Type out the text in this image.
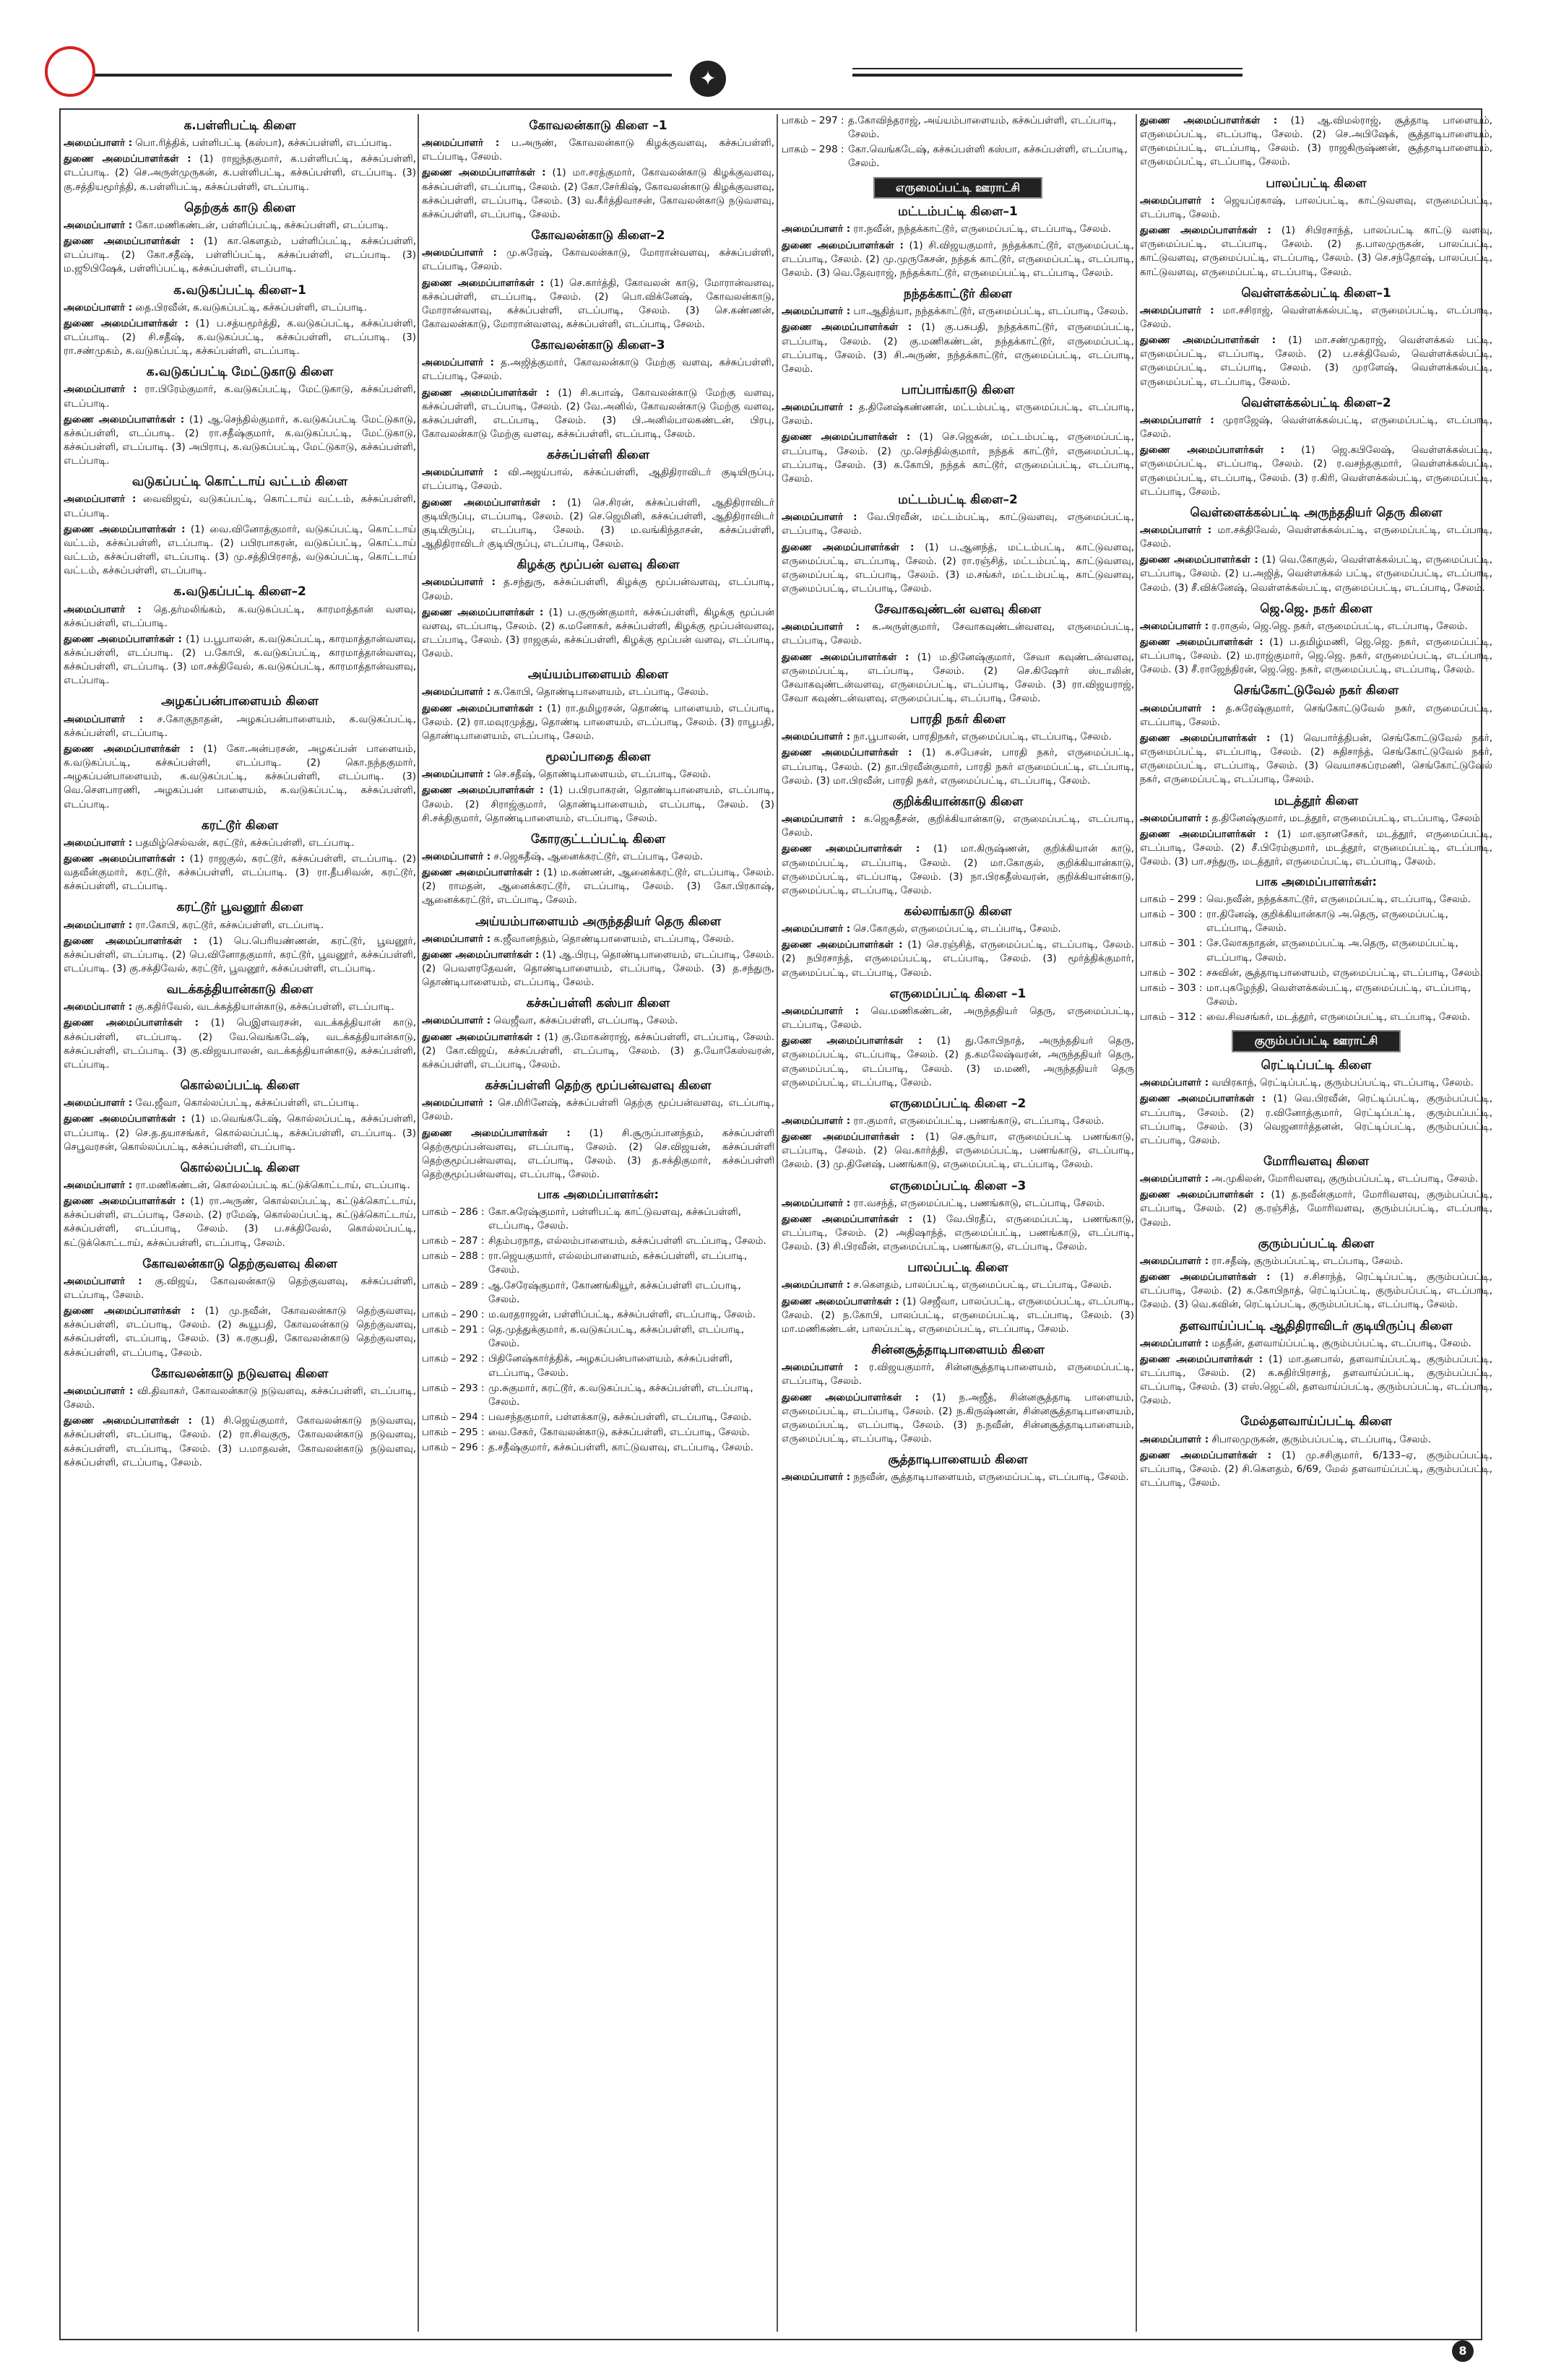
✦
க.பள்ளிபட்டி கிளை

அமைப்பாளர் : பொ.ரித்திக், பள்ளிபட்டி (கஸ்பா), கச்சுப்பள்ளி, எடப்பாடி.

துணை அமைப்பாளர்கள் : (1) ராஜந்தகுமார், க.பள்ளிபட்டி, கச்சுப்பள்ளி, எடப்பாடி. (2) செ.அருள்முருகன், க.பள்ளிபட்டி, கச்சுப்பள்ளி, எடப்பாடி. (3) கு.சத்தியமூர்த்தி, க.பள்ளிபட்டி, கச்சுப்பள்ளி, எடப்பாடி.

தெற்குக் காடு கிளை

அமைப்பாளர் : கோ.மணிகண்டன், பள்ளிப்பட்டி, கச்சுப்பள்ளி, எடப்பாடி.

துணை அமைப்பாளர்கள் : (1) கா.கௌதம், பள்ளிப்பட்டி, கச்சுப்பள்ளி, எடப்பாடி. (2) கோ.சதீஷ், பள்ளிப்பட்டி, கச்சுப்பள்ளி, எடப்பாடி. (3) ம.ஜூபிஷேக், பள்ளிப்பட்டி, கச்சுப்பள்ளி, எடப்பாடி.

க.வடுகப்பட்டி கிளை–1

அமைப்பாளர் : தை.பிரவீன், க.வடுகப்பட்டி, கச்சுப்பள்ளி, எடப்பாடி.

துணை அமைப்பாளர்கள் : (1) ப.சத்யமூர்த்தி, க.வடுகப்பட்டி, கச்சுப்பள்ளி, எடப்பாடி. (2) சி.சதீஷ், க.வடுகப்பட்டி, கச்சுப்பள்ளி, எடப்பாடி. (3) ரா.சண்முகம், க.வடுகப்பட்டி, கச்சுப்பள்ளி, எடப்பாடி.

க.வடுகப்பட்டி மேட்டுகாடு கிளை

அமைப்பாளர் : ரா.பிரேம்குமார், க.வடுகப்பட்டி, மேட்டுகாடு, கச்சுப்பள்ளி, எடப்பாடி.

துணை அமைப்பாளர்கள் : (1) ஆ.செந்தில்குமார், க.வடுகப்பட்டி மேட்டுகாடு, கச்சுப்பள்ளி, எடப்பாடி. (2) ரா.சதீஷ்குமார், க.வடுகப்பட்டி, மேட்டுகாடு, கச்சுப்பள்ளி, எடப்பாடி. (3) அபிராபு, க.வடுகப்பட்டி, மேட்டுகாடு, கச்சுப்பள்ளி, எடப்பாடி.

வடுகப்பட்டி கொட்டாய் வட்டம் கிளை

அமைப்பாளர் : வைவிஜய், வடுகப்பட்டி, கொட்டாய் வட்டம், கச்சுப்பள்ளி, எடப்பாடி.

துணை அமைப்பாளர்கள் : (1) வை.வினோத்குமார், வடுகப்பட்டி, கொட்டாய் வட்டம், கச்சுப்பள்ளி, எடப்பாடி. (2) பபிரபாகரன், வடுகப்பட்டி, கொட்டாய் வட்டம், கச்சுப்பள்ளி, எடப்பாடி. (3) மு.சத்திபிரசாத், வடுகப்பட்டி, கொட்டாய் வட்டம், கச்சுப்பள்ளி, எடப்பாடி.

க.வடுகப்பட்டி கிளை–2

அமைப்பாளர் : தெ.தர்மலிங்கம், க.வடுகப்பட்டி, காரமாத்தான் வளவு, கச்சுப்பள்ளி, எடப்பாடி.

துணை அமைப்பாளர்கள் : (1) ப.பூபாலன், க.வடுகப்பட்டி, காரமாத்தான்வளவு, கச்சுப்பள்ளி, எடப்பாடி. (2) ப.கோபி, க.வடுகப்பட்டி, காரமாத்தான்வளவு, கச்சுப்பள்ளி, எடப்பாடி. (3) மா.சக்திவேல், க.வடுகப்பட்டி, காரமாத்தான்வளவு, எடப்பாடி.

அழகப்பன்பாளையம் கிளை

அமைப்பாளர் : ச.கோகுநாதன், அழகப்பன்பாளையம், க.வடுகப்பட்டி, கச்சுப்பள்ளி, எடப்பாடி.

துணை அமைப்பாளர்கள் : (1) கோ.அன்பரசன், அழகப்பன் பாளையம், க.வடுகப்பட்டி, கச்சுப்பள்ளி, எடப்பாடி. (2) கொ.நந்தகுமார், அழகப்பன்பாளையம், க.வடுகப்பட்டி, கச்சுப்பள்ளி, எடப்பாடி. (3) வெ.சௌபாரணி, அழகப்பன் பாளையம், க.வடுகப்பட்டி, கச்சுப்பள்ளி, எடப்பாடி.

கரட்டூர் கிளை

அமைப்பாளர் : பதமிழ்செல்வன், கரட்டூர், கச்சுப்பள்ளி, எடப்பாடி.

துணை அமைப்பாளர்கள் : (1) ராஜகுல், கரட்டூர், கச்சுப்பள்ளி, எடப்பாடி. (2) வதவீன்குமார், கரட்டூர், கச்சுப்பள்ளி, எடப்பாடி. (3) ரா.தீபசிவன், கரட்டூர், கச்சுப்பள்ளி, எடப்பாடி.

கரட்டூர் பூவனூர் கிளை

அமைப்பாளர் : ரா.கோபி, கரட்டூர், கச்சுப்பள்ளி, எடப்பாடி.

துணை அமைப்பாளர்கள் : (1) பெ.பெரியண்ணன், கரட்டூர், பூவனூர், கச்சுப்பள்ளி, எடப்பாடி. (2) பெ.வினோதகுமார், கரட்டூர், பூவனூர், கச்சுப்பள்ளி, எடப்பாடி. (3) கு.சக்திவேல், கரட்டூர், பூவனூர், கச்சுப்பள்ளி, எடப்பாடி.

வடக்கத்தியான்காடு கிளை

அமைப்பாளர் : கு.கதிர்வேல், வடக்கத்தியான்காடு, கச்சுப்பள்ளி, எடப்பாடி.

துணை அமைப்பாளர்கள் : (1) பெஇளவரசன், வடக்கத்தியான் காடு, கச்சுப்பள்ளி, எடப்பாடி. (2) வே.வெங்கடேஷ், வடக்கத்தியான்காடு, கச்சுப்பள்ளி, எடப்பாடி. (3) கு.விஜயபாலன், வடக்கத்தியான்காடு, கச்சுப்பள்ளி, எடப்பாடி.

கொல்லப்பட்டி கிளை

அமைப்பாளர் : வே.ஜீவா, கொல்லப்பட்டி, கச்சுப்பள்ளி, எடப்பாடி.

துணை அமைப்பாளர்கள் : (1) ம.வெங்கடேஷ், கொல்லப்பட்டி, கச்சுப்பள்ளி, எடப்பாடி. (2) செ.த.தயாசங்கர், கொல்லப்பட்டி, கச்சுப்பள்ளி, எடப்பாடி. (3) செபூவரசன், கொல்லப்பட்டி, கச்சுப்பள்ளி, எடப்பாடி.

கொல்லப்பட்டி கிளை

அமைப்பாளர் : ரா.மணிகண்டன், கொல்லப்பட்டி கட்டுக்கொட்டாய், எடப்பாடி.

துணை அமைப்பாளர்கள் : (1) ரா.அருண், கொல்லப்பட்டி, கட்டுக்கொட்டாய், கச்சுப்பள்ளி, எடப்பாடி, சேலம். (2) ரமேஷ், கொல்லப்பட்டி, கட்டுக்கொட்டாய், கச்சுப்பள்ளி, எடப்பாடி, சேலம். (3) ப.சக்திவேல், கொல்லப்பட்டி, கட்டுக்கொட்டாய், கச்சுப்பள்ளி, எடப்பாடி, சேலம்.

கோவலன்காடு தெற்குவளவு கிளை

அமைப்பாளர் : கு.விஜய், கோவலன்காடு தெற்குவளவு, கச்சுப்பள்ளி, எடப்பாடி, சேலம்.

துணை அமைப்பாளர்கள் : (1) மு.நவீன், கோவலன்காடு தெற்குவளவு, கச்சுப்பள்ளி, எடப்பாடி, சேலம். (2) கூயூபதி, கோவலன்காடு தெற்குவளவு, கச்சுப்பள்ளி, எடப்பாடி, சேலம். (3) க.ரகுபதி, கோவலன்காடு தெற்குவளவு, கச்சுப்பள்ளி, எடப்பாடி, சேலம்.

கோவலன்காடு நடுவளவு கிளை

அமைப்பாளர் : வி.திவாகர், கோவலன்காடு நடுவளவு, கச்சுப்பள்ளி, எடப்பாடி, சேலம்.

துணை அமைப்பாளர்கள் : (1) சி.ஜெய்குமார், கோவலன்காடு நடுவளவு, கச்சுப்பள்ளி, எடப்பாடி, சேலம். (2) ரா.சிவகுரு, கோவலன்காடு நடுவளவு, கச்சுப்பள்ளி, எடப்பாடி, சேலம். (3) ப.மாதவன், கோவலன்காடு நடுவளவு, கச்சுப்பள்ளி, எடப்பாடி, சேலம்.

கோவலன்காடு கிளை –1

அமைப்பாளர் : ப.அருண், கோவலன்காடு கிழக்குவளவு, கச்சுப்பள்ளி, எடப்பாடி, சேலம்.

துணை அமைப்பாளர்கள் : (1) மா.சரத்குமார், கோவலன்காடு கிழக்குவளவு, கச்சுப்பள்ளி, எடப்பாடி, சேலம். (2) கோ.சேர்கிஷ், கோவலன்காடு கிழக்குவளவு, கச்சுப்பள்ளி, எடப்பாடி, சேலம். (3) வ.கீர்த்திவாசன், கோவலன்காடு நடுவளவு, கச்சுப்பள்ளி, எடப்பாடி, சேலம்.

கோவலன்காடு கிளை–2

அமைப்பாளர் : மு.சுரேஷ், கோவலன்காடு, மோரான்வளவு, கச்சுப்பள்ளி, எடப்பாடி, சேலம்.

துணை அமைப்பாளர்கள் : (1) செ.கார்த்தி, கோவலன் காடு, மோரான்வளவு, கச்சுப்பள்ளி, எடப்பாடி, சேலம். (2) பொ.விக்னேஷ், கோவலன்காடு, மோரான்வளவு, கச்சுப்பள்ளி, எடப்பாடி, சேலம். (3) செ.கண்ணன், கோவலன்காடு, மோரான்வளவு, கச்சுப்பள்ளி, எடப்பாடி, சேலம்.

கோவலன்காடு கிளை–3

அமைப்பாளர் : த.அஜித்குமார், கோவலன்காடு மேற்கு வளவு, கச்சுப்பள்ளி, எடப்பாடி, சேலம்.

துணை அமைப்பாளர்கள் : (1) சி.சுபாஷ், கோவலன்காடு மேற்கு வளவு, கச்சுப்பள்ளி, எடப்பாடி, சேலம். (2) வே.அனில், கோவலன்காடு மேற்கு வளவு, கச்சுப்பள்ளி, எடப்பாடி, சேலம். (3) பி.அனில்பாலகண்டன், பிரபு, கோவலன்காடு மேற்கு வளவு, கச்சுப்பள்ளி, எடப்பாடி, சேலம்.

கச்சுப்பள்ளி கிளை

அமைப்பாளர் : வி.அஜய்பால், கச்சுப்பள்ளி, ஆதிதிராவிடர் குடியிருப்பு, எடப்பாடி, சேலம்.

துணை அமைப்பாளர்கள் : (1) செ.சிரன், கச்சுப்பள்ளி, ஆதிதிராவிடர் குடியிருப்பு, எடப்பாடி, சேலம். (2) செ.ஜெமினி, கச்சுப்பள்ளி, ஆதிதிராவிடர் குடியிருப்பு, எடப்பாடி, சேலம். (3) ம.வங்கிந்தாசன், கச்சுப்பள்ளி, ஆதிதிராவிடர் குடியிருப்பு, எடப்பாடி, சேலம்.

கிழக்கு மூப்பன் வளவு கிளை

அமைப்பாளர் : த.சந்துரு, கச்சுப்பள்ளி, கிழக்கு மூப்பன்வளவு, எடப்பாடி, சேலம்.

துணை அமைப்பாளர்கள் : (1) ப.குருண்குமார், கச்சுப்பள்ளி, கிழக்கு மூப்பன் வளவு, எடப்பாடி, சேலம். (2) க.மனோகர், கச்சுப்பள்ளி, கிழக்கு மூப்பன்வளவு, எடப்பாடி, சேலம். (3) ராஜகுல், கச்சுப்பள்ளி, கிழக்கு மூப்பன் வளவு, எடப்பாடி, சேலம்.

அய்யம்பாளையம் கிளை

அமைப்பாளர் : க.கோபி, தொண்டிபாளையம், எடப்பாடி, சேலம்.

துணை அமைப்பாளர்கள் : (1) ரா.தமிழரசன், தொண்டி பாளையம், எடப்பாடி, சேலம். (2) ரா.மவுரமுத்து, தொண்டி பாளையம், எடப்பாடி, சேலம். (3) ராபூபதி, தொண்டிபாளையம், எடப்பாடி, சேலம்.

மூலப்பாதை கிளை

அமைப்பாளர் : செ.சதீஷ், தொண்டிபாளையம், எடப்பாடி, சேலம்.

துணை அமைப்பாளர்கள் : (1) ப.பிரபாகரன், தொண்டிபாளையம், எடப்பாடி, சேலம். (2) சிராஜ்குமார், தொண்டிபாளையம், எடப்பாடி, சேலம். (3) சி.சக்திகுமார், தொண்டிபாளையம், எடப்பாடி, சேலம்.

கோரகுட்டப்பட்டி கிளை

அமைப்பாளர் : ச.ஜெகதீஷ், ஆனைக்கரட்டூர், எடப்பாடி, சேலம்.

துணை அமைப்பாளர்கள் : (1) ம.கண்ணன், ஆனைக்கரட்டூர், எடப்பாடி, சேலம். (2) ராமதன், ஆனைக்கரட்டூர், எடப்பாடி, சேலம். (3) கோ.பிரகாஷ், ஆனைக்கரட்டூர், எடப்பாடி, சேலம்.

அய்யம்பாளையம் அருந்ததியர் தெரு கிளை

அமைப்பாளர் : க.ஜீவானந்தம், தொண்டிபாளையம், எடப்பாடி, சேலம்.

துணை அமைப்பாளர்கள் : (1) ஆ.பிரபு, தொண்டிபாளையம், எடப்பாடி, சேலம். (2) பெவளரதேவன், தொண்டிபாளையம், எடப்பாடி, சேலம். (3) த.சந்துரு, தொண்டிபாளையம், எடப்பாடி, சேலம்.

கச்சுப்பள்ளி கஸ்பா கிளை

அமைப்பாளர் : வெஜீவா, கச்சுப்பள்ளி, எடப்பாடி, சேலம்.

துணை அமைப்பாளர்கள் : (1) கு.மோகன்ராஜ், கச்சுப்பள்ளி, எடப்பாடி, சேலம். (2) கோ.விஜய், கச்சுப்பள்ளி, எடப்பாடி, சேலம். (3) த.யோகேஸ்வரன், கச்சுப்பள்ளி, எடப்பாடி, சேலம்.

கச்சுப்பள்ளி தெற்கு மூப்பன்வளவு கிளை

அமைப்பாளர் : செ.மிரினேஷ், கச்சுப்பள்ளி தெற்கு மூப்பன்வளவு, எடப்பாடி, சேலம்.

துணை அமைப்பாளர்கள் : (1) சி.சூருப்பானந்தம், கச்சுப்பள்ளி தெற்குமூப்பன்வளவு, எடப்பாடி, சேலம். (2) செ.விஜயன், கச்சுப்பள்ளி தெற்குமூப்பன்வளவு, எடப்பாடி, சேலம். (3) த.சக்திகுமார், கச்சுப்பள்ளி தெற்குமூப்பன்வளவு, எடப்பாடி, சேலம்.

பாக அமைப்பாளர்கள்:
பாகம் – 286 : கோ.சுரேஷ்குமார், பள்ளிபட்டி காட்டுவளவு, கச்சுப்பள்ளி, எடப்பாடி, சேலம்.
பாகம் – 287 : சிதம்பரநாத, எல்லம்பாளையம், கச்சுப்பள்ளி எடப்பாடி, சேலம்.
பாகம் – 288 : ரா.ஜெயகுமார், எல்லம்பாளையம், கச்சுப்பள்ளி, எடப்பாடி, சேலம்.
பாகம் – 289 : ஆ.சேரேஷ்குமார், கோணங்கியூர், கச்சுப்பள்ளி எடப்பாடி, சேலம்.
பாகம் – 290 : ம.வரதராஜன், பள்ளிப்பட்டி, கச்சுப்பள்ளி, எடப்பாடி, சேலம்.
பாகம் – 291 : தெ.முத்துக்குமார், க.வடுகப்பட்டி, கச்சுப்பள்ளி, எடப்பாடி, சேலம்.
பாகம் – 292 : பிதினேஷ்கார்த்திக், அழகப்பன்பாளையம், கச்சுப்பள்ளி, எடப்பாடி, சேலம்.
பாகம் – 293 : மு.சுகுமார், கரட்டூர், க.வடுகப்பட்டி, கச்சுப்பள்ளி, எடப்பாடி, சேலம்.
பாகம் – 294 : பவசந்தகுமார், பள்ளக்காடு, கச்சுப்பள்ளி, எடப்பாடி, சேலம்.
பாகம் – 295 : வை.சேகர், கோவலன்காடு, கச்சுப்பள்ளி, எடப்பாடி, சேலம்.
பாகம் – 296 : த.சதீஷ்குமார், கச்சுப்பள்ளி, காட்டுவளவு, எடப்பாடி, சேலம்.
பாகம் – 297 : த.கோவிந்தராஜ், அய்யம்பாளையம், கச்சுப்பள்ளி, எடப்பாடி, சேலம்.
பாகம் – 298 : கோ.வெங்கடேஷ், கச்சுப்பள்ளி கஸ்பா, கச்சுப்பள்ளி, எடப்பாடி, சேலம்.
எருமைப்பட்டி ஊராட்சி
மட்டம்பட்டி கிளை–1

அமைப்பாளர் : ரா.நவீன், நந்தக்காட்டூர், எருமைப்பட்டி, எடப்பாடி, சேலம்.

துணை அமைப்பாளர்கள் : (1) சி.விஜயகுமார், நந்தக்காட்டூர், எருமைப்பட்டி, எடப்பாடி, சேலம். (2) மு.முருகேசன், நந்தக் காட்டூர், எருமைப்பட்டி, எடப்பாடி, சேலம். (3) வெ.தேவராஜ், நந்தக்காட்டூர், எருமைப்பட்டி, எடப்பாடி, சேலம்.

நந்தக்காட்டூர் கிளை

அமைப்பாளர் : பா.ஆதித்யா, நந்தக்காட்டூர், எருமைப்பட்டி, எடப்பாடி, சேலம்.

துணை அமைப்பாளர்கள் : (1) கு.பசுபதி, நந்தக்காட்டூர், எருமைப்பட்டி, எடப்பாடி, சேலம். (2) கு.மணிகண்டன், நந்தக்காட்டூர், எருமைப்பட்டி, எடப்பாடி, சேலம். (3) சி.அருண், நந்தக்காட்டூர், எருமைப்பட்டி, எடப்பாடி, சேலம்.

பாப்பாங்காடு கிளை

அமைப்பாளர் : த.தினேஷ்கண்ணன், மட்டம்பட்டி, எருமைப்பட்டி, எடப்பாடி, சேலம்.

துணை அமைப்பாளர்கள் : (1) செ.ஜெகன், மட்டம்பட்டி, எருமைப்பட்டி, எடப்பாடி, சேலம். (2) மு.செந்தில்குமார், நந்தக் காட்டூர், எருமைப்பட்டி, எடப்பாடி, சேலம். (3) க.கோபி, நந்தக் காட்டூர், எருமைப்பட்டி, எடப்பாடி, சேலம்.

மட்டம்பட்டி கிளை–2

அமைப்பாளர் : வே.பிரவீன், மட்டம்பட்டி, காட்டுவளவு, எருமைப்பட்டி, எடப்பாடி, சேலம்.

துணை அமைப்பாளர்கள் : (1) ப.ஆனந்த், மட்டம்பட்டி, காட்டுவளவு, எருமைப்பட்டி, எடப்பாடி, சேலம். (2) ரா.ரஞ்சித், மட்டம்பட்டி, காட்டுவளவு, எருமைப்பட்டி, எடப்பாடி, சேலம். (3) ம.சங்கர், மட்டம்பட்டி, காட்டுவளவு, எருமைப்பட்டி, எடப்பாடி, சேலம்.

சேவாகவுண்டன் வளவு கிளை

அமைப்பாளர் : க.அருள்குமார், சேவாகவுண்டன்வளவு, எருமைப்பட்டி, எடப்பாடி, சேலம்.

துணை அமைப்பாளர்கள் : (1) ம.தினேஷ்குமார், சேவா கவுண்டன்வளவு, எருமைப்பட்டி, எடப்பாடி, சேலம். (2) செ.கிஷோர் ஸ்டாலின், சேவாகவுண்டன்வளவு, எருமைப்பட்டி, எடப்பாடி, சேலம். (3) ரா.விஜயராஜ், சேவா கவுண்டன்வளவு, எருமைப்பட்டி, எடப்பாடி, சேலம்.

பாரதி நகர் கிளை

அமைப்பாளர் : நா.பூபாலன், பாரதிநகர், எருமைப்பட்டி, எடப்பாடி, சேலம்.

துணை அமைப்பாளர்கள் : (1) க.சபேசன், பாரதி நகர், எருமைப்பட்டி, எடப்பாடி, சேலம். (2) தா.பிரவீன்குமார், பாரதி நகர் எருமைப்பட்டி, எடப்பாடி, சேலம். (3) மா.பிரவீன், பாரதி நகர், எருமைப்பட்டி, எடப்பாடி, சேலம்.

குறிக்கியான்காடு கிளை

அமைப்பாளர் : க.ஜெகதீசன், குறிக்கியான்காடு, எருமைப்பட்டி, எடப்பாடி, சேலம்.

துணை அமைப்பாளர்கள் : (1) மா.கிருஷ்ணன், குறிக்கியான் காடு, எருமைப்பட்டி, எடப்பாடி, சேலம். (2) மா.கோகுல், குறிக்கியான்காடு, எருமைப்பட்டி, எடப்பாடி, சேலம். (3) நா.பிரகதீஸ்வரன், குறிக்கியான்காடு, எருமைப்பட்டி, எடப்பாடி, சேலம்.

கல்லாங்காடு கிளை

அமைப்பாளர் : செ.கோகுல், எருமைப்பட்டி, எடப்பாடி, சேலம்.

துணை அமைப்பாளர்கள் : (1) செ.ரஞ்சித், எருமைப்பட்டி, எடப்பாடி, சேலம். (2) நபிரசாந்த், எருமைப்பட்டி, எடப்பாடி, சேலம். (3) மூர்த்திக்குமார், எருமைப்பட்டி, எடப்பாடி, சேலம்.

எருமைப்பட்டி கிளை –1

அமைப்பாளர் : வெ.மணிகண்டன், அருந்ததியர் தெரு, எருமைப்பட்டி, எடப்பாடி, சேலம்.

துணை அமைப்பாளர்கள் : (1) து.கோபிநாத், அருந்ததியர் தெரு, எருமைப்பட்டி, எடப்பாடி, சேலம். (2) த.கமலேஷ்வரன், அருந்ததியர் தெரு, எருமைப்பட்டி, எடப்பாடி, சேலம். (3) ம.மணி, அருந்ததியர் தெரு எருமைப்பட்டி, எடப்பாடி, சேலம்.

எருமைப்பட்டி கிளை –2

அமைப்பாளர் : ரா.குமார், எருமைப்பட்டி, பணங்காடு, எடப்பாடி, சேலம்.

துணை அமைப்பாளர்கள் : (1) செ.சூர்யா, எருமைப்பட்டி பணங்காடு, எடப்பாடி, சேலம். (2) வெ.கார்த்தி, எருமைப்பட்டி, பணங்காடு, எடப்பாடி, சேலம். (3) மு.தினேஷ், பணங்காடு, எருமைப்பட்டி, எடப்பாடி, சேலம்.

எருமைப்பட்டி கிளை –3

அமைப்பாளர் : ரா.வசந்த், எருமைப்பட்டி, பணங்காடு, எடப்பாடி, சேலம்.

துணை அமைப்பாளர்கள் : (1) வே.பிரதீப், எருமைப்பட்டி, பணங்காடு, எடப்பாடி, சேலம். (2) அதிஷாந்த், எருமைப்பட்டி, பணங்காடு, எடப்பாடி, சேலம். (3) சி.பிரவீன், எருமைப்பட்டி, பணங்காடு, எடப்பாடி, சேலம்.

பாலப்பட்டி கிளை

அமைப்பாளர் : ச.கௌதம், பாலப்பட்டி, எருமைப்பட்டி, எடப்பாடி, சேலம்.

துணை அமைப்பாளர்கள் : (1) செஜீவா, பாலப்பட்டி, எருமைப்பட்டி, எடப்பாடி, சேலம். (2) ந.கோபி, பாலப்பட்டி, எருமைப்பட்டி, எடப்பாடி, சேலம். (3) மா.மணிகண்டன், பாலப்பட்டி, எருமைப்பட்டி, எடப்பாடி, சேலம்.

சின்னசூத்தாடிபாளையம் கிளை

அமைப்பாளர் : ர.விஜயகுமார், சின்னசூத்தாடிபாளையம், எருமைப்பட்டி, எடப்பாடி, சேலம்.

துணை அமைப்பாளர்கள் : (1) ந.அஜீத், சின்னசூத்தாடி பாளையம், எருமைப்பட்டி, எடப்பாடி, சேலம். (2) ந.கிருஷ்ணன், சின்னசூத்தாடிபாளையம், எருமைப்பட்டி, எடப்பாடி, சேலம். (3) ந.நவீன், சின்னசூத்தாடிபாளையம், எருமைப்பட்டி, எடப்பாடி, சேலம்.

சூத்தாடிபாளையம் கிளை

அமைப்பாளர் : நநவீன், சூத்தாடிபாளையம், எருமைப்பட்டி, எடப்பாடி, சேலம்.

துணை அமைப்பாளர்கள் : (1) ஆ.விமல்ராஜ், சூத்தாடி பாளையம், எருமைப்பட்டி, எடப்பாடி, சேலம். (2) செ.அபிஷேக், சூத்தாடிபாளையம், எருமைப்பட்டி, எடப்பாடி, சேலம். (3) ராஜகிருஷ்ணன், சூத்தாடிபாளையம், எருமைப்பட்டி, எடப்பாடி, சேலம்.

பாலப்பட்டி கிளை

அமைப்பாளர் : ஜெயப்ரகாஷ், பாலப்பட்டி, காட்டுவளவு, எருமைப்பட்டி, எடப்பாடி, சேலம்.

துணை அமைப்பாளர்கள் : (1) சிபிரசாந்த், பாலப்பட்டி காட்டு வளவு, எருமைப்பட்டி, எடப்பாடி, சேலம். (2) த.பாலமுருகன், பாலப்பட்டி, காட்டுவளவு, எருமைப்பட்டி, எடப்பாடி, சேலம். (3) செ.சந்தோஷ், பாலப்பட்டி, காட்டுவளவு, எருமைப்பட்டி, எடப்பாடி, சேலம்.

வெள்ளக்கல்பட்டி கிளை–1

அமைப்பாளர் : மா.சசிராஜ், வெள்ளக்கல்பட்டி, எருமைப்பட்டி, எடப்பாடி, சேலம்.

துணை அமைப்பாளர்கள் : (1) மா.சண்முகராஜ், வெள்ளக்கல் பட்டி, எருமைப்பட்டி, எடப்பாடி, சேலம். (2) ப.சக்திவேல், வெள்ளக்கல்பட்டி, எருமைப்பட்டி, எடப்பாடி, சேலம். (3) முரளேஷ், வெள்ளக்கல்பட்டி, எருமைப்பட்டி, எடப்பாடி, சேலம்.

வெள்ளக்கல்பட்டி கிளை–2

அமைப்பாளர் : முராஜேஷ், வெள்ளக்கல்பட்டி, எருமைப்பட்டி, எடப்பாடி, சேலம்.

துணை அமைப்பாளர்கள் : (1) ஜெ.கபிலேஷ், வெள்ளக்கல்பட்டி, எருமைப்பட்டி, எடப்பாடி, சேலம். (2) ர.வசந்தகுமார், வெள்ளக்கல்பட்டி, எருமைப்பட்டி, எடப்பாடி, சேலம். (3) ர.கிரி, வெள்ளக்கல்பட்டி, எருமைப்பட்டி, எடப்பாடி, சேலம்.

வெள்ளைக்கல்பட்டி அருந்ததியர் தெரு கிளை

அமைப்பாளர் : மா.சக்திவேல், வெள்ளக்கல்பட்டி, எருமைப்பட்டி, எடப்பாடி, சேலம்.

துணை அமைப்பாளர்கள் : (1) வெ.கோகுல், வெள்ளக்கல்பட்டி, எருமைப்பட்டி, எடப்பாடி, சேலம். (2) ப.அஜித், வெள்ளக்கல் பட்டி, எருமைப்பட்டி, எடப்பாடி, சேலம். (3) சீ.விக்னேஷ், வெள்ளக்கல்பட்டி, எருமைப்பட்டி, எடப்பாடி, சேலம்.

ஜெ.ஜெ. நகர் கிளை

அமைப்பாளர் : ர.ராகுல், ஜெ.ஜெ. நகர், எருமைப்பட்டி, எடப்பாடி, சேலம்.

துணை அமைப்பாளர்கள் : (1) ப.தமிழ்மணி, ஜெ.ஜெ. நகர், எருமைப்பட்டி, எடப்பாடி, சேலம். (2) ம.ராஜ்குமார், ஜெ.ஜெ. நகர், எருமைப்பட்டி, எடப்பாடி, சேலம். (3) சீ.ராஜேந்திரன், ஜெ.ஜெ. நகர், எருமைப்பட்டி, எடப்பாடி, சேலம்.

செங்கோட்டுவேல் நகர் கிளை

அமைப்பாளர் : த.சுரேஷ்குமார், செங்கோட்டுவேல் நகர், எருமைப்பட்டி, எடப்பாடி, சேலம்.

துணை அமைப்பாளர்கள் : (1) வெபார்த்திபன், செங்கோட்டுவேல் நகர், எருமைப்பட்டி, எடப்பாடி, சேலம். (2) சுதிசாந்த், செங்கோட்டுவேல் நகர், எருமைப்பட்டி, எடப்பாடி, சேலம். (3) வெயாசகப்ரமணி, செங்கோட்டுவேல் நகர், எருமைப்பட்டி, எடப்பாடி, சேலம்.

மடத்தூர் கிளை

அமைப்பாளர் : த.தினேஷ்குமார், மடத்தூர், எருமைப்பட்டி, எடப்பாடி, சேலம்.

துணை அமைப்பாளர்கள் : (1) மா.ஞானசேகர், மடத்தூர், எருமைப்பட்டி, எடப்பாடி, சேலம். (2) சீ.பிரேம்குமார், மடத்தூர், எருமைப்பட்டி, எடப்பாடி, சேலம். (3) பா.சந்துரு, மடத்தூர், எருமைப்பட்டி, எடப்பாடி, சேலம்.

பாக அமைப்பாளர்கள்:
பாகம் – 299 : வெ.நவீன், நந்தக்காட்டூர், எருமைப்பட்டி, எடப்பாடி, சேலம்.
பாகம் – 300 : ரா.தினேஷ், குறிக்கியான்காடு அ.தெரு, எருமைப்பட்டி, எடப்பாடி, சேலம்.
பாகம் – 301 : சே.லோகநாதன், எருமைப்பட்டி அ.தெரு, எருமைப்பட்டி, எடப்பாடி, சேலம்.
பாகம் – 302 : சசுவின், சூத்தாடிபாளையம், எருமைப்பட்டி, எடப்பாடி, சேலம்.
பாகம் – 303 : மா.புகழேந்தி, வெள்ளக்கல்பட்டி, எருமைப்பட்டி, எடப்பாடி, சேலம்.
பாகம் – 312 : வை.சிவசங்கர், மடத்தூர், எருமைப்பட்டி, எடப்பாடி, சேலம்.
குரும்பப்பட்டி ஊராட்சி
ரெட்டிப்பட்டி கிளை

அமைப்பாளர் : வயிரகாந், ரெட்டிப்பட்டி, குரும்பப்பட்டி, எடப்பாடி, சேலம்.

துணை அமைப்பாளர்கள் : (1) வெ.பிரவீன், ரெட்டிப்பட்டி, குரும்பப்பட்டி, எடப்பாடி, சேலம். (2) ர.வினோத்குமார், ரெட்டிப்பட்டி, குரும்பப்பட்டி, எடப்பாடி, சேலம். (3) வெஜனார்த்தனன், ரெட்டிப்பட்டி, குரும்பப்பட்டி, எடப்பாடி, சேலம்.

மோரிவளவு கிளை

அமைப்பாளர் : அ.முகிலன், மோரிவளவு, குரும்பப்பட்டி, எடப்பாடி, சேலம்.

துணை அமைப்பாளர்கள் : (1) த.நவீன்குமார், மோரிவளவு, குரும்பப்பட்டி, எடப்பாடி, சேலம். (2) கு.ரஞ்சித், மோரிவளவு, குரும்பப்பட்டி, எடப்பாடி, சேலம்.

குரும்பப்பட்டி கிளை

அமைப்பாளர் : ரா.சதீஷ், குரும்பப்பட்டி, எடப்பாடி, சேலம்.

துணை அமைப்பாளர்கள் : (1) ச.சிசாந்த், ரெட்டிப்பட்டி, குரும்பப்பட்டி, எடப்பாடி, சேலம். (2) க.கோபிநாத், ரெட்டிப்பட்டி, குரும்பப்பட்டி, எடப்பாடி, சேலம். (3) வெ.கவின், ரெட்டிப்பட்டி, குரும்பப்பட்டி, எடப்பாடி, சேலம்.

தளவாய்ப்பட்டி ஆதிதிராவிடர் குடியிருப்பு கிளை

அமைப்பாளர் : மதநீன், தளவாய்ப்பட்டி, குரும்பப்பட்டி, எடப்பாடி, சேலம்.

துணை அமைப்பாளர்கள் : (1) மா.தனபால், தளவாய்ப்பட்டி, குரும்பப்பட்டி, எடப்பாடி, சேலம். (2) க.சுதிர்பிரசாத், தளவாய்ப்பட்டி, குரும்பப்பட்டி, எடப்பாடி, சேலம். (3) எஸ்.ஜெட்லி, தளவாய்ப்பட்டி, குரும்பப்பட்டி, எடப்பாடி, சேலம்.

மேல்தளவாய்ப்பட்டி கிளை

அமைப்பாளர் : சிபாலமுருகன், குரும்பப்பட்டி, எடப்பாடி, சேலம்.

துணை அமைப்பாளர்கள் : (1) மு.சசிகுமார், 6/133–ஏ, குரும்பப்பட்டி, எடப்பாடி, சேலம். (2) சி.கௌதம், 6/69, மேல் தளவாய்ப்பட்டி, குரும்பப்பட்டி, எடப்பாடி, சேலம்.

8
